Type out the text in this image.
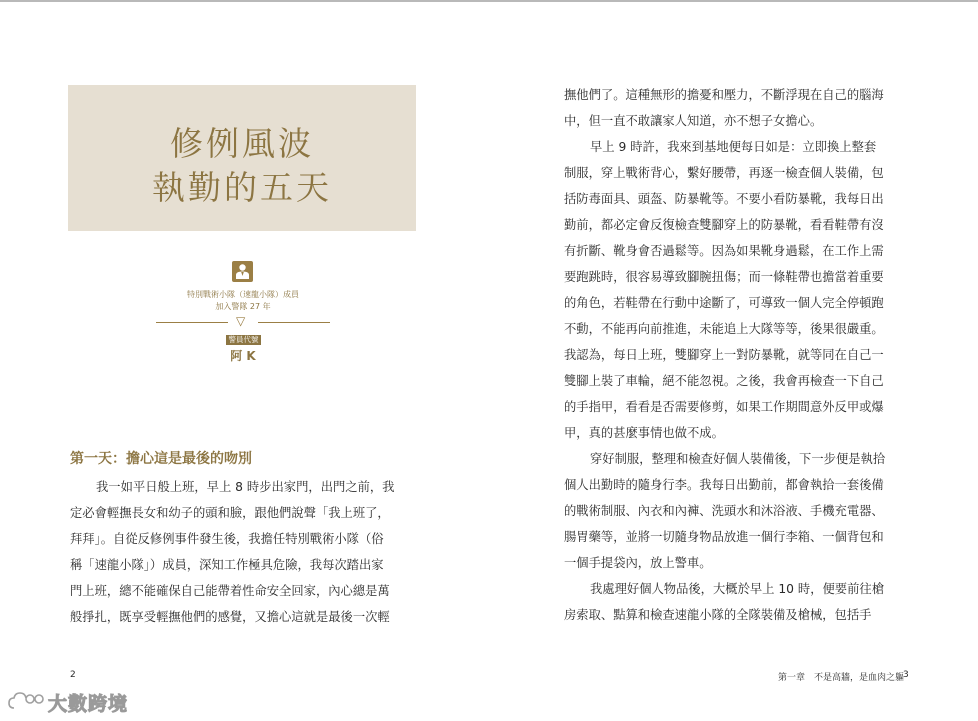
修例風波
執勤的五天
特別戰術小隊（速龍小隊）成員
加入警隊 27 年
▽
警員代號
阿 K
第一天：擔心這是最後的吻別
我一如平日般上班，早上 8 時步出家門，出門之前，我
定必會輕撫長女和幼子的頭和臉，跟他們說聲「我上班了，
拜拜」。自從反修例事件發生後，我擔任特別戰術小隊（俗
稱「速龍小隊」）成員，深知工作極具危險，我每次踏出家
門上班，總不能確保自己能帶着性命安全回家，內心總是萬
般掙扎，既享受輕撫他們的感覺，又擔心這就是最後一次輕
2
撫他們了。這種無形的擔憂和壓力，不斷浮現在自己的腦海
中，但一直不敢讓家人知道，亦不想子女擔心。
早上 9 時許，我來到基地便每日如是：立即換上整套
制服，穿上戰術背心，繫好腰帶，再逐一檢查個人裝備，包
括防毒面具、頭盔、防暴靴等。不要小看防暴靴，我每日出
勤前，都必定會反復檢查雙腳穿上的防暴靴，看看鞋帶有沒
有折斷、靴身會否過鬆等。因為如果靴身過鬆，在工作上需
要跑跳時，很容易導致腳腕扭傷；而一條鞋帶也擔當着重要
的角色，若鞋帶在行動中途斷了，可導致一個人完全停頓跑
不動，不能再向前推進，未能追上大隊等等，後果很嚴重。
我認為，每日上班，雙腳穿上一對防暴靴，就等同在自己一
雙腳上裝了車輪，絕不能忽視。之後，我會再檢查一下自己
的手指甲，看看是否需要修剪，如果工作期間意外反甲或爆
甲，真的甚麼事情也做不成。
穿好制服，整理和檢查好個人裝備後，下一步便是執拾
個人出勤時的隨身行李。我每日出勤前，都會執拾一套後備
的戰術制服、內衣和內褲、洗頭水和沐浴液、手機充電器、
腸胃藥等，並將一切隨身物品放進一個行李箱、一個背包和
一個手提袋內，放上警車。
我處理好個人物品後，大概於早上 10 時，便要前往槍
房索取、點算和檢查速龍小隊的全隊裝備及槍械，包括手
第一章　不是高牆，是血肉之軀
3
大數跨境
